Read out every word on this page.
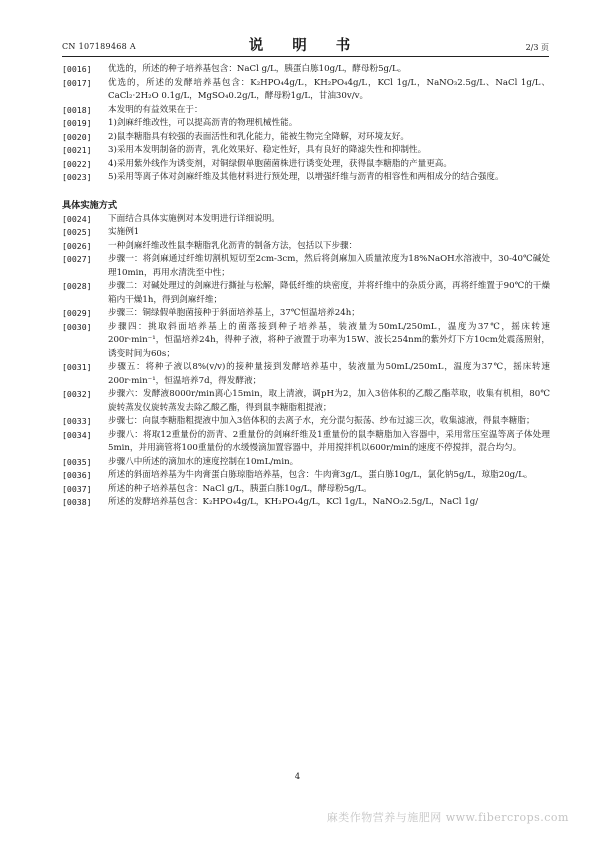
CN 107189468 A	说 明 书	2/3 页
[0016]	优选的，所述的种子培养基包含：NaCl g/L，胰蛋白胨10g/L，酵母粉5g/L。
[0017]	优选的，所述的发酵培养基包含：K₂HPO₄4g/L，KH₂PO₄4g/L，KCl 1g/L，NaNO₃2.5g/L、NaCl 1g/L、CaCl₂·2H₂O 0.1g/L，MgSO₄0.2g/L，酵母粉1g/L，甘油30v/v。
[0018]	本发明的有益效果在于：
[0019]	1)剑麻纤维改性，可以提高沥青的物理机械性能。
[0020]	2)鼠李糖脂具有较强的表面活性和乳化能力，能被生物完全降解，对环境友好。
[0021]	3)采用本发明制备的沥青，乳化效果好、稳定性好，具有良好的降滤失性和抑制性。
[0022]	4)采用紫外线作为诱变剂，对铜绿假单胞菌菌株进行诱变处理，获得鼠李糖脂的产量更高。
[0023]	5)采用等离子体对剑麻纤维及其他材料进行预处理，以增强纤维与沥青的相容性和两相成分的结合强度。
具体实施方式
[0024]	下面结合具体实施例对本发明进行详细说明。
[0025]	实施例1
[0026]	一种剑麻纤维改性鼠李糖脂乳化沥青的制备方法，包括以下步骤：
[0027]	步骤一：将剑麻通过纤维切割机短切至2cm-3cm，然后将剑麻加入质量浓度为18%NaOH水溶液中，30-40℃碱处理10min，再用水清洗至中性；
[0028]	步骤二：对碱处理过的剑麻进行撕扯与松解，降低纤维的块密度，并将纤维中的杂质分离，再将纤维置于90℃的干燥箱内干燥1h，得到剑麻纤维；
[0029]	步骤三：铜绿假单胞菌接种于斜面培养基上，37℃恒温培养24h；
[0030]	步骤四：挑取斜面培养基上的菌落接到种子培养基，装液量为50mL/250mL，温度为37℃，摇床转速200r·min⁻¹，恒温培养24h，得种子液，将种子液置于功率为15W、波长254nm的紫外灯下方10cm处震荡照射，诱变时间为60s；
[0031]	步骤五：将种子液以8%(v/v)的接种量接到发酵培养基中，装液量为50mL/250mL，温度为37℃，摇床转速200r·min⁻¹，恒温培养7d，得发酵液；
[0032]	步骤六：发酵液8000r/min离心15min，取上清液，调pH为2，加入3倍体积的乙酸乙酯萃取，收集有机相，80℃旋转蒸发仪旋转蒸发去除乙酸乙酯，得到鼠李糖脂粗提液；
[0033]	步骤七：向鼠李糖脂粗提液中加入3倍体积的去离子水，充分混匀振荡、纱布过滤三次，收集滤液，得鼠李糖脂；
[0034]	步骤八：将取12重量份的沥青、2重量份的剑麻纤维及1重量份的鼠李糖脂加入容器中，采用常压室温等离子体处理5min，并用滴管将100重量份的水缓慢滴加置容器中，并用搅拌机以600r/min的速度不停搅拌，混合均匀。
[0035]	步骤八中所述的滴加水的速度控制在10mL/min。
[0036]	所述的斜面培养基为牛肉膏蛋白胨琼脂培养基，包含：牛肉膏3g/L，蛋白胨10g/L，氯化钠5g/L，琼脂20g/L。
[0037]	所述的种子培养基包含：NaCl g/L，胰蛋白胨10g/L，酵母粉5g/L。
[0038]	所述的发酵培养基包含：K₂HPO₄4g/L，KH₂PO₄4g/L，KCl 1g/L，NaNO₃2.5g/L，NaCl 1g/
4
麻类作物营养与施肥网 www.fibercrops.com
